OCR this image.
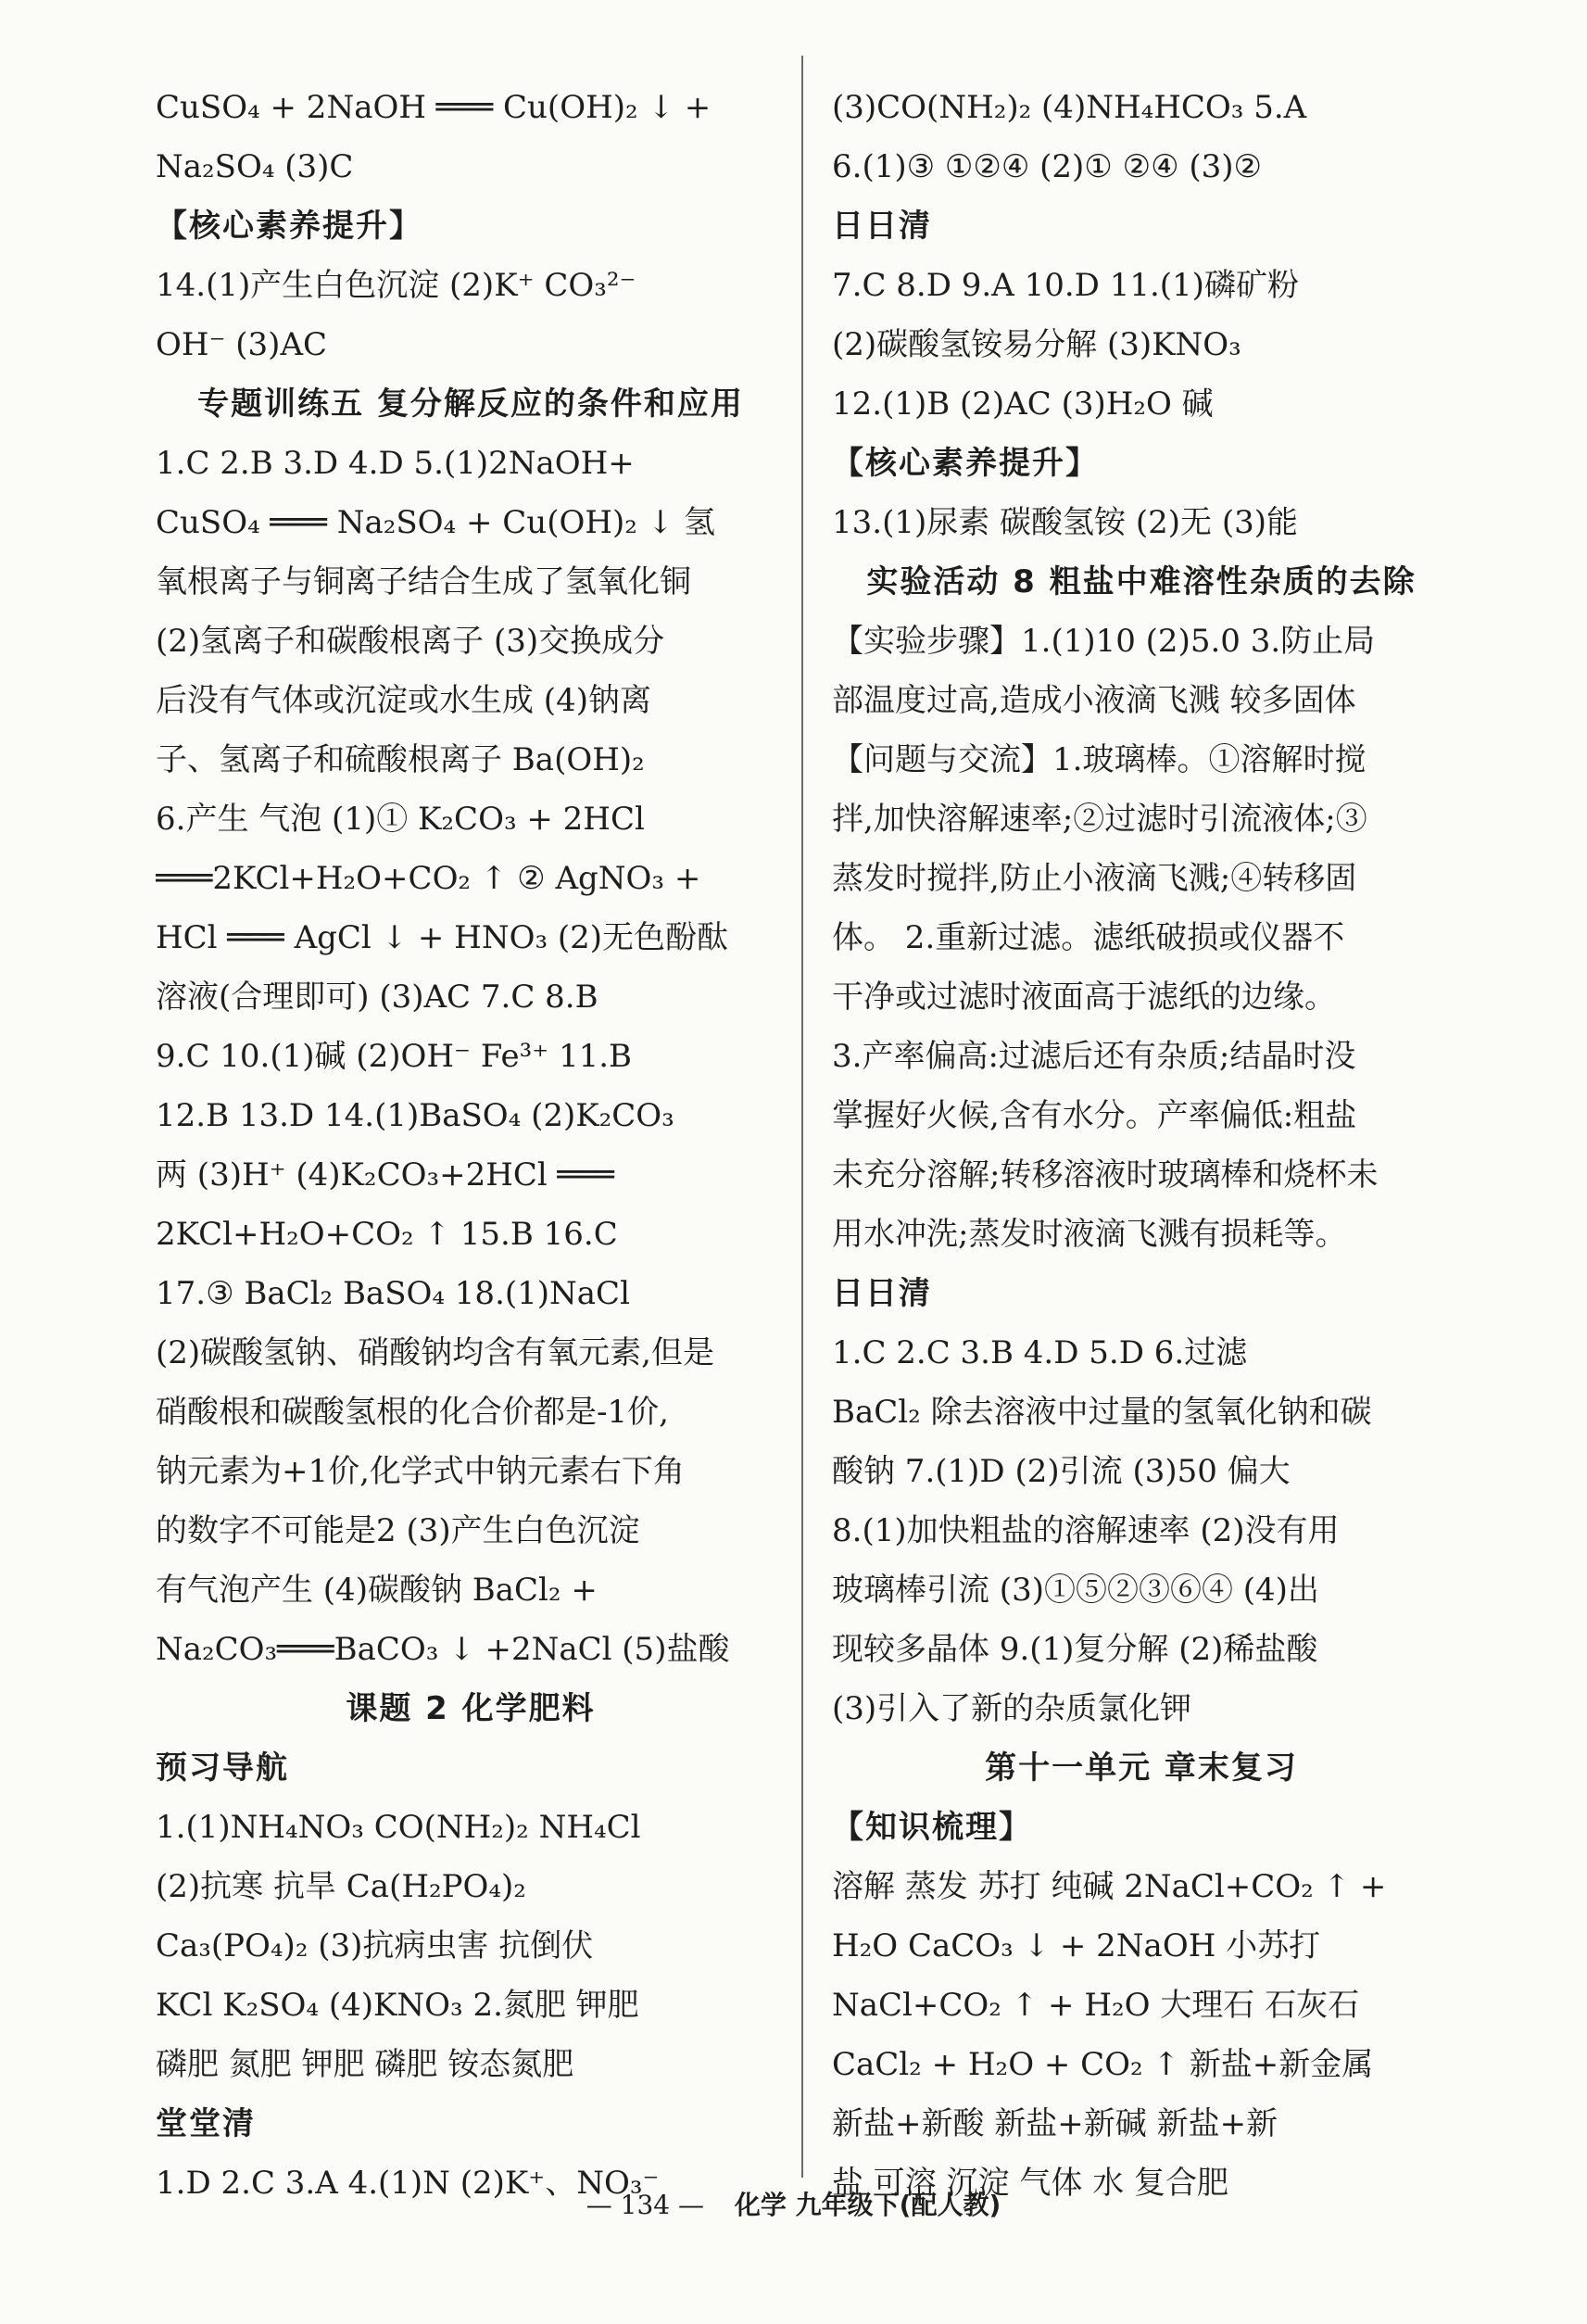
CuSO₄ + 2NaOH ═══ Cu(OH)₂ ↓ +
Na₂SO₄ (3)C
【核心素养提升】
14.(1)产生白色沉淀 (2)K⁺ CO₃²⁻
OH⁻ (3)AC
专题训练五 复分解反应的条件和应用
1.C 2.B 3.D 4.D 5.(1)2NaOH+
CuSO₄ ═══ Na₂SO₄ + Cu(OH)₂ ↓ 氢
氧根离子与铜离子结合生成了氢氧化铜
(2)氢离子和碳酸根离子 (3)交换成分
后没有气体或沉淀或水生成 (4)钠离
子、氢离子和硫酸根离子 Ba(OH)₂
6.产生 气泡 (1)① K₂CO₃ + 2HCl
═══2KCl+H₂O+CO₂ ↑ ② AgNO₃ +
HCl ═══ AgCl ↓ + HNO₃ (2)无色酚酞
溶液(合理即可) (3)AC 7.C 8.B
9.C 10.(1)碱 (2)OH⁻ Fe³⁺ 11.B
12.B 13.D 14.(1)BaSO₄ (2)K₂CO₃
两 (3)H⁺ (4)K₂CO₃+2HCl ═══
2KCl+H₂O+CO₂ ↑ 15.B 16.C
17.③ BaCl₂ BaSO₄ 18.(1)NaCl
(2)碳酸氢钠、硝酸钠均含有氧元素,但是
硝酸根和碳酸氢根的化合价都是-1价,
钠元素为+1价,化学式中钠元素右下角
的数字不可能是2 (3)产生白色沉淀
有气泡产生 (4)碳酸钠 BaCl₂ +
Na₂CO₃═══BaCO₃ ↓ +2NaCl (5)盐酸
课题 2 化学肥料
预习导航
1.(1)NH₄NO₃ CO(NH₂)₂ NH₄Cl
(2)抗寒 抗旱 Ca(H₂PO₄)₂
Ca₃(PO₄)₂ (3)抗病虫害 抗倒伏
KCl K₂SO₄ (4)KNO₃ 2.氮肥 钾肥
磷肥 氮肥 钾肥 磷肥 铵态氮肥
堂堂清
1.D 2.C 3.A 4.(1)N (2)K⁺、NO₃⁻
(3)CO(NH₂)₂ (4)NH₄HCO₃ 5.A
6.(1)③ ①②④ (2)① ②④ (3)②
日日清
7.C 8.D 9.A 10.D 11.(1)磷矿粉
(2)碳酸氢铵易分解 (3)KNO₃
12.(1)B (2)AC (3)H₂O 碱
【核心素养提升】
13.(1)尿素 碳酸氢铵 (2)无 (3)能
实验活动 8 粗盐中难溶性杂质的去除
【实验步骤】1.(1)10 (2)5.0 3.防止局
部温度过高,造成小液滴飞溅 较多固体
【问题与交流】1.玻璃棒。①溶解时搅
拌,加快溶解速率;②过滤时引流液体;③
蒸发时搅拌,防止小液滴飞溅;④转移固
体。 2.重新过滤。滤纸破损或仪器不
干净或过滤时液面高于滤纸的边缘。
3.产率偏高:过滤后还有杂质;结晶时没
掌握好火候,含有水分。产率偏低:粗盐
未充分溶解;转移溶液时玻璃棒和烧杯未
用水冲洗;蒸发时液滴飞溅有损耗等。
日日清
1.C 2.C 3.B 4.D 5.D 6.过滤
BaCl₂ 除去溶液中过量的氢氧化钠和碳
酸钠 7.(1)D (2)引流 (3)50 偏大
8.(1)加快粗盐的溶解速率 (2)没有用
玻璃棒引流 (3)①⑤②③⑥④ (4)出
现较多晶体 9.(1)复分解 (2)稀盐酸
(3)引入了新的杂质氯化钾
第十一单元 章末复习
【知识梳理】
溶解 蒸发 苏打 纯碱 2NaCl+CO₂ ↑ +
H₂O CaCO₃ ↓ + 2NaOH 小苏打
NaCl+CO₂ ↑ + H₂O 大理石 石灰石
CaCl₂ + H₂O + CO₂ ↑ 新盐+新金属
新盐+新酸 新盐+新碱 新盐+新
盐 可溶 沉淀 气体 水 复合肥
— 134 — 化学 九年级下(配人教)
